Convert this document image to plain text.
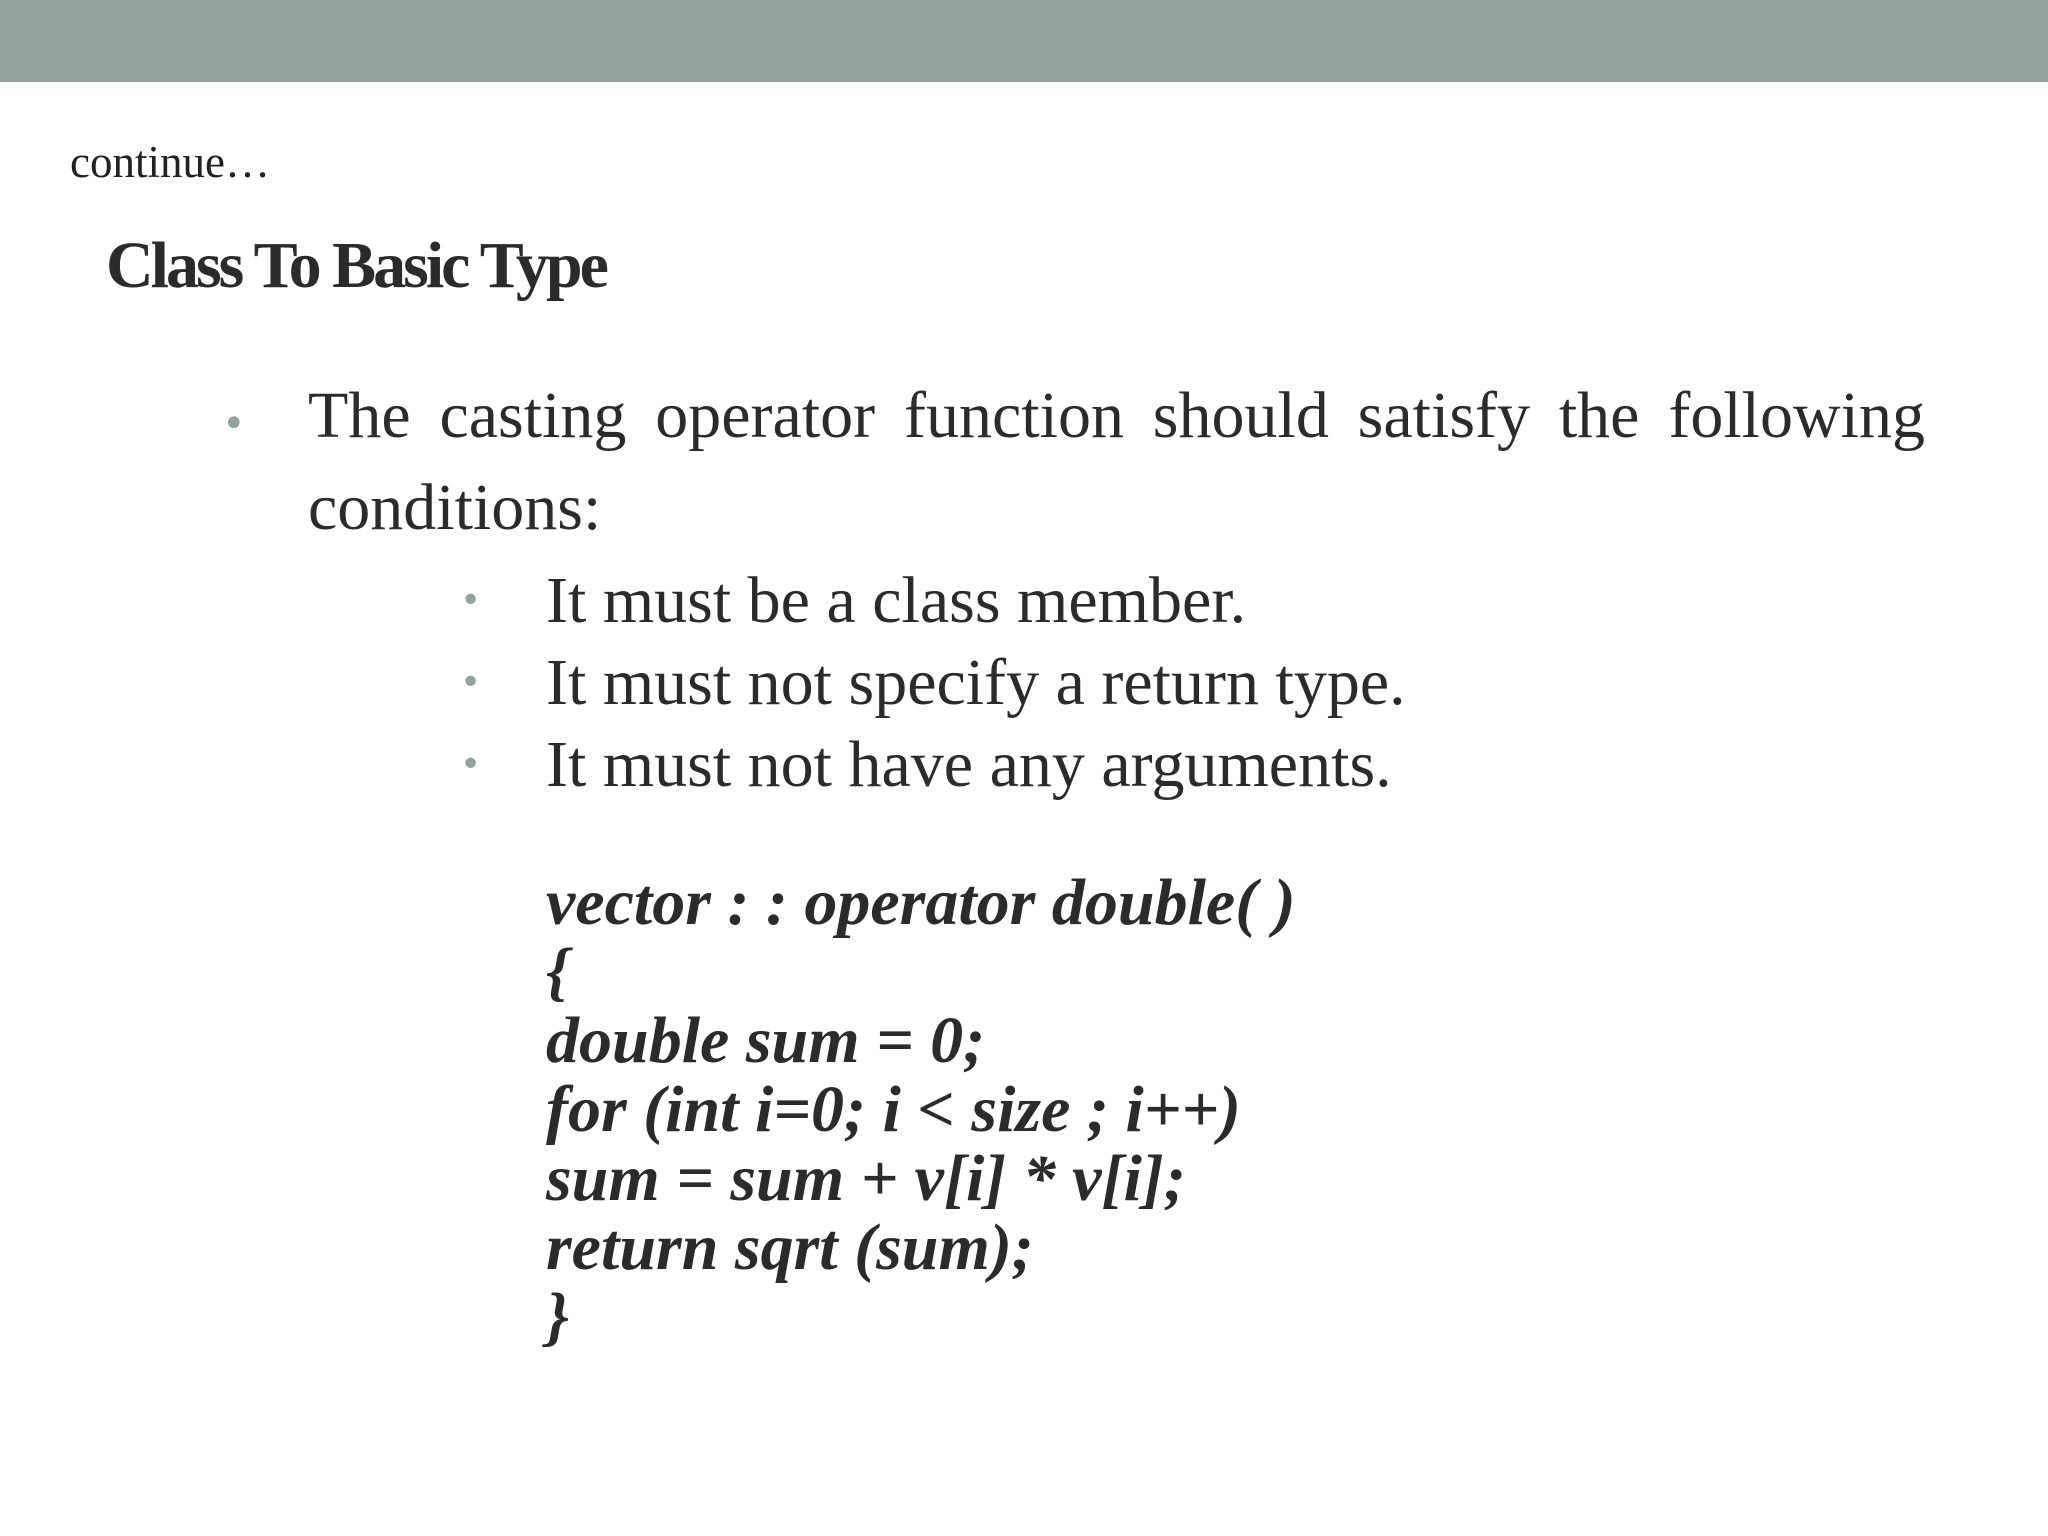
continue…
Class To Basic Type
• The casting operator function should satisfy the following conditions:
• It must be a class member.
• It must not specify a return type.
• It must not have any arguments.
vector : : operator double( )
{
double sum = 0;
for (int i=0; i < size ; i++)
sum = sum + v[i] * v[i];
return sqrt (sum);
}
